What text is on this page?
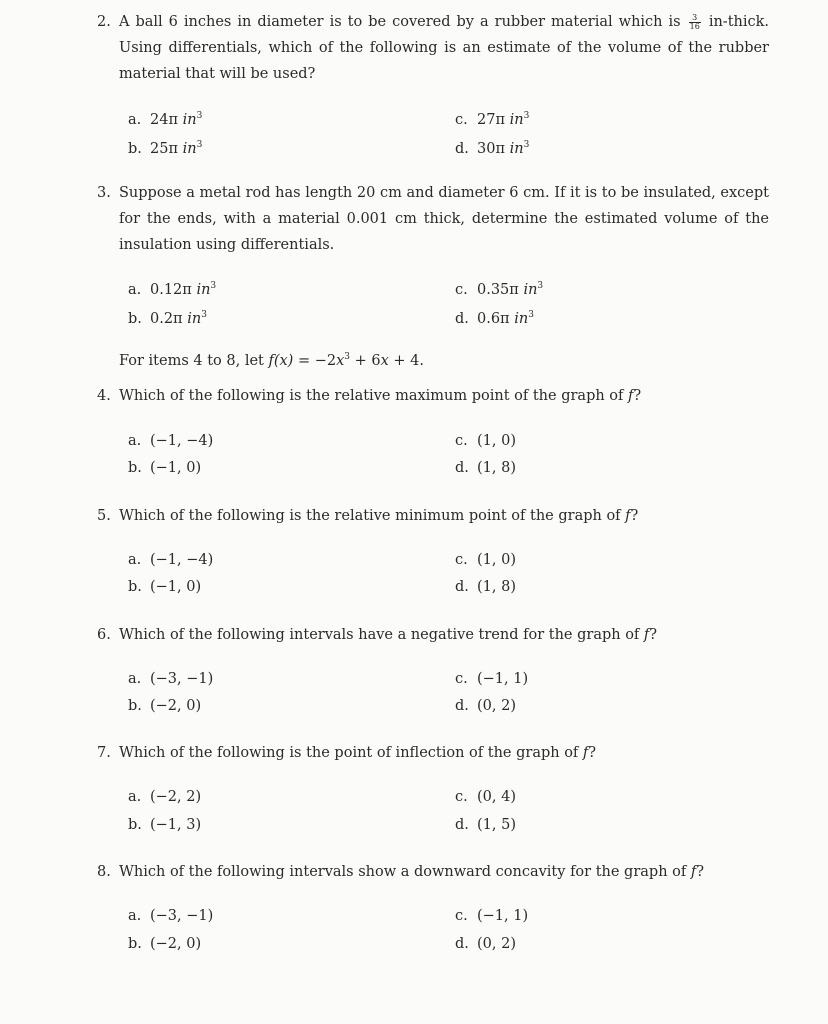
2. A ball 6 inches in diameter is to be covered by a rubber material which is $\frac{3}{16}$ in-thick. Using differentials, which of the following is an estimate of the volume of the rubber material that will be used?
a. 24π $in^3$
b. 25π $in^3$
c. 27π $in^3$
d. 30π $in^3$
3. Suppose a metal rod has length 20 cm and diameter 6 cm. If it is to be insulated, except for the ends, with a material 0.001 cm thick, determine the estimated volume of the insulation using differentials.
a. 0.12π $in^3$
b. 0.2π $in^3$
c. 0.35π $in^3$
d. 0.6π $in^3$
For items 4 to 8, let $f(x) = -2x^3 + 6x + 4$.
4. Which of the following is the relative maximum point of the graph of f?
a. (−1, −4)
b. (−1, 0)
c. (1, 0)
d. (1, 8)
5. Which of the following is the relative minimum point of the graph of f?
a. (−1, −4)
b. (−1, 0)
c. (1, 0)
d. (1, 8)
6. Which of the following intervals have a negative trend for the graph of f?
a. (−3, −1)
b. (−2, 0)
c. (−1, 1)
d. (0, 2)
7. Which of the following is the point of inflection of the graph of f?
a. (−2, 2)
b. (−1, 3)
c. (0, 4)
d. (1, 5)
8. Which of the following intervals show a downward concavity for the graph of f?
a. (−3, −1)
b. (−2, 0)
c. (−1, 1)
d. (0, 2)
